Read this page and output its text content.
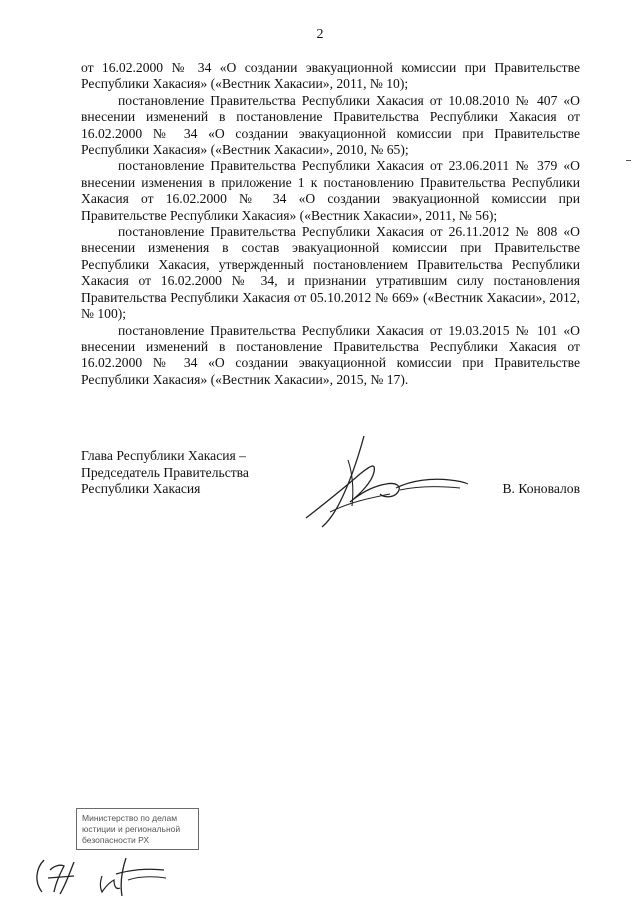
2

от 16.02.2000 № 34 «О создании эвакуационной комиссии при Правительстве Республики Хакасия» («Вестник Хакасии», 2011, № 10);

постановление Правительства Республики Хакасия от 10.08.2010 № 407 «О внесении изменений в постановление Правительства Республики Хакасия от 16.02.2000 № 34 «О создании эвакуационной комиссии при Правительстве Республики Хакасия» («Вестник Хакасии», 2010, № 65);

постановление Правительства Республики Хакасия от 23.06.2011 № 379 «О внесении изменения в приложение 1 к постановлению Правительства Республики Хакасия от 16.02.2000 № 34 «О создании эвакуационной комиссии при Правительстве Республики Хакасия» («Вестник Хакасии», 2011, № 56);

постановление Правительства Республики Хакасия от 26.11.2012 № 808 «О внесении изменения в состав эвакуационной комиссии при Правительстве Республики Хакасия, утвержденный постановлением Правительства Республики Хакасия от 16.02.2000 № 34, и признании утратившим силу постановления Правительства Республики Хакасия от 05.10.2012 № 669» («Вестник Хакасии», 2012, № 100);

постановление Правительства Республики Хакасия от 19.03.2015 № 101 «О внесении изменений в постановление Правительства Республики Хакасия от 16.02.2000 № 34 «О создании эвакуационной комиссии при Правительстве Республики Хакасия» («Вестник Хакасии», 2015, № 17).

Глава Республики Хакасия –
Председатель Правительства
Республики Хакасия	В. Коновалов
Министерство по делам
юстиции и региональной
безопасности РХ
